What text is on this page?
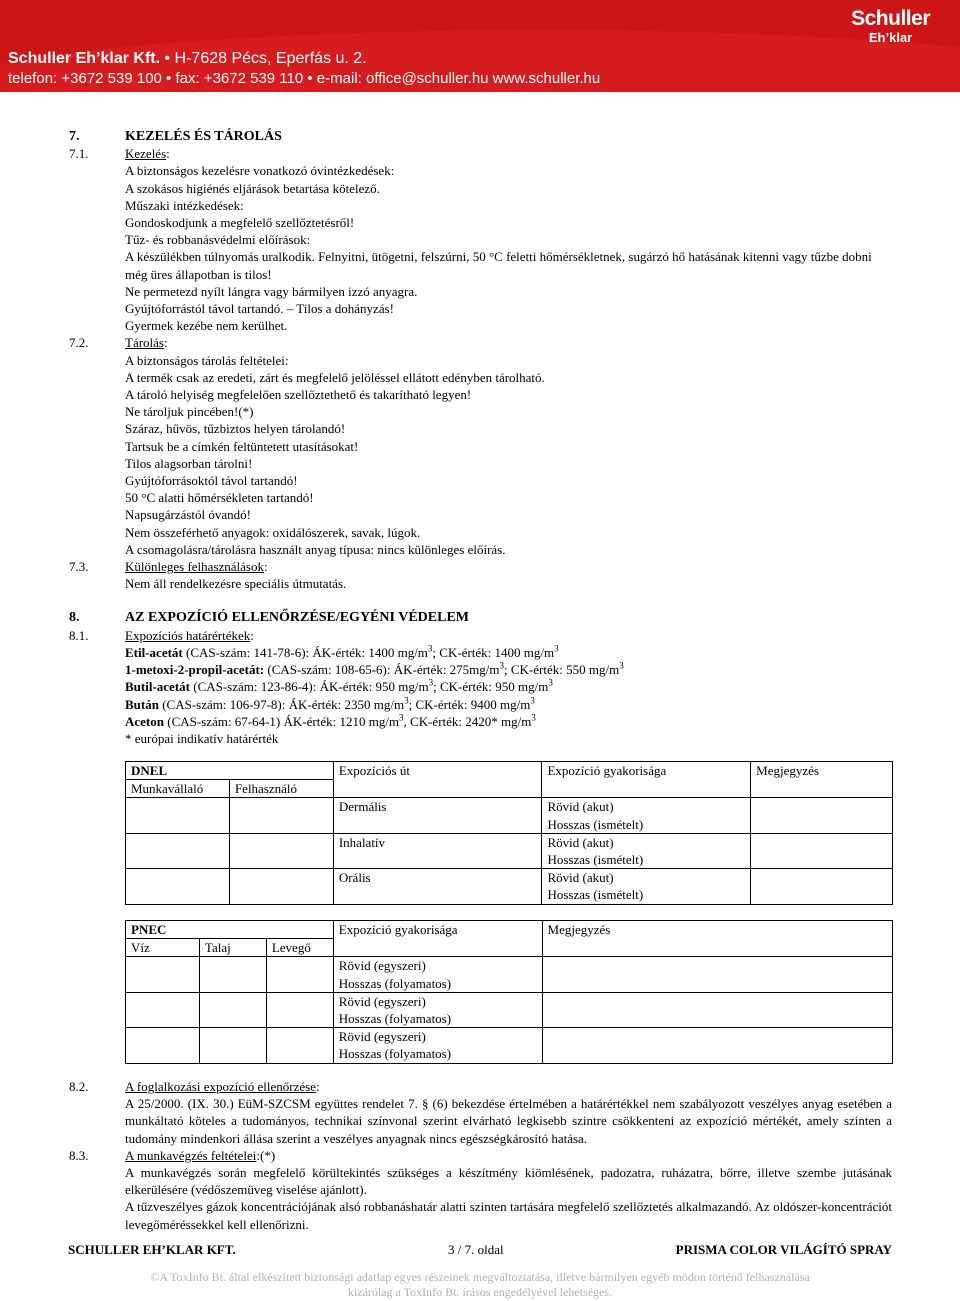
Schuller Eh’klar Kft. • H-7628 Pécs, Eperfás u. 2.
telefon: +3672 539 100 • fax: +3672 539 110 • e-mail: office@schuller.hu www.schuller.hu
Schuller
Eh’klar
7.	KEZELÉS ÉS TÁROLÁS
7.1.	Kezelés:
A biztonságos kezelésre vonatkozó óvintézkedések:
A szokásos higiénés eljárások betartása kötelező.
Műszaki intézkedések:
Gondoskodjunk a megfelelő szellőztetésről!
Tűz- és robbanásvédelmi előírások:
A készülékben túlnyomás uralkodik. Felnyitni, ütögetni, felszúrni, 50 °C feletti hőmérsékletnek, sugárzó hő hatásának kitenni vagy tűzbe dobni még üres állapotban is tilos!
Ne permetezd nyílt lángra vagy bármilyen izzó anyagra.
Gyújtóforrástól távol tartandó. – Tilos a dohányzás!
Gyermek kezébe nem kerülhet.
7.2.	Tárolás:
A biztonságos tárolás feltételei:
A termék csak az eredeti, zárt és megfelelő jelöléssel ellátott edényben tárolható.
A tároló helyiség megfelelően szellőztethető és takarítható legyen!
Ne tároljuk pincében!(*)
Száraz, hűvös, tűzbiztos helyen tárolandó!
Tartsuk be a címkén feltüntetett utasításokat!
Tilos alagsorban tárolni!
Gyújtóforrásoktól távol tartandó!
50 °C alatti hőmérsékleten tartandó!
Napsugárzástól óvandó!
Nem összeférhető anyagok: oxidálószerek, savak, lúgok.
A csomagolásra/tárolásra használt anyag típusa: nincs különleges előírás.
7.3.	Különleges felhasználások:
Nem áll rendelkezésre speciális útmutatás.
8.	AZ EXPOZÍCIÓ ELLENŐRZÉSE/EGYÉNI VÉDELEM
8.1.	Expozíciós határértékek:
Etil-acetát (CAS-szám: 141-78-6): ÁK-érték: 1400 $mg/m^3$; CK-érték: 1400 $mg/m^3$
1-metoxi-2-propil-acetát: (CAS-szám: 108-65-6): ÁK-érték: $275mg/m^3$; CK-érték: 550 $mg/m^3$
Butil-acetát (CAS-szám: 123-86-4): ÁK-érték: 950 $mg/m^3$; CK-érték: 950 $mg/m^3$
Bután (CAS-szám: 106-97-8): ÁK-érték: 2350 $mg/m^3$; CK-érték: 9400 $mg/m^3$
Aceton (CAS-szám: 67-64-1) ÁK-érték: 1210 $mg/m^3$, CK-érték: 2420* $mg/m^3$
* európai indikatív határérték
DNEL		Expozíciós út	Expozíció gyakorisága	Megjegyzés
Munkavállaló	Felhasználó			
		Dermális	Rövid (akut)
Hosszas (ismételt)	

		Inhalatív	Rövid (akut)
Hosszas (ismételt)	

		Orális	Rövid (akut)
Hosszas (ismételt)	

PNEC			Expozíció gyakorisága	Megjegyzés
Víz	Talaj	Levegő		

			Rövid (egyszeri)
Hosszas (folyamatos)	

			Rövid (egyszeri)
Hosszas (folyamatos)	

			Rövid (egyszeri)
Hosszas (folyamatos)	

8.2.	A foglalkozási expozíció ellenőrzése:
A 25/2000. (IX. 30.) EüM-SZCSM együttes rendelet 7. § (6) bekezdése értelmében a határértékkel nem szabályozott veszélyes anyag esetében a munkáltató köteles a tudományos, technikai színvonal szerint elvárható legkisebb szintre csökkenteni az expozíció mértékét, amely szinten a tudomány mindenkori állása szerint a veszélyes anyagnak nincs egészségkárosító hatása.
8.3.	A munkavégzés feltételei:(*)
A munkavégzés során megfelelő körültekintés szükséges a készítmény kiömlésének, padozatra, ruházatra, bőrre, illetve szembe jutásának elkerülésére (védőszemüveg viselése ajánlott).
A tűzveszélyes gázok koncentrációjának alsó robbanáshatár alatti szinten tartására megfelelő szellőztetés alkalmazandó. Az oldószer-koncentrációt levegőméréssekkel kell ellenőrizni.
SCHULLER EH’KLAR KFT.	3 / 7. oldal	PRISMA COLOR VILÁGÍTÓ SPRAY
©A ToxInfo Bt. által elkészített biztonsági adatlap egyes részeinek megváltoztatása, illetve bármilyen egyéb módon történő felhasználása
kizárólag a ToxInfo Bt. írásos engedélyével lehetséges.
